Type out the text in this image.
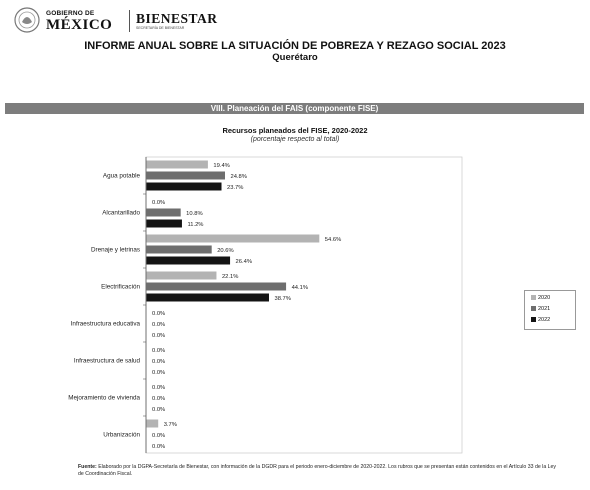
GOBIERNO DE
MÉXICO BIENESTAR
SECRETARÍA DE BIENESTAR
INFORME ANUAL SOBRE LA SITUACIÓN DE POBREZA Y REZAGO SOCIAL 2023
Querétaro
VIII. Planeación del FAIS (componente FISE)
Recursos planeados del FISE, 2020-2022
(porcentaje respecto al total)
Agua potable
19.4%
24.8%
23.7%
Alcantarillado
0.0%
10.8%
11.2%
Drenaje y letrinas
54.6%
20.6%
26.4%
Electrificación
22.1%
44.1%
38.7%
Infraestructura educativa
0.0%
0.0%
0.0%
Infraestructura de salud
0.0%
0.0%
0.0%
Mejoramiento de vivienda
0.0%
0.0%
0.0%
Urbanización
3.7%
0.0%
0.0%
2020
2021
2022
Fuente: Elaborado por la DGPA-Secretaría de Bienestar, con información de la DGDR para el periodo enero-diciembre de 2020-2022. Los rubros que se presentan están contenidos en el Artículo 33 de la Ley de Coordinación Fiscal.
